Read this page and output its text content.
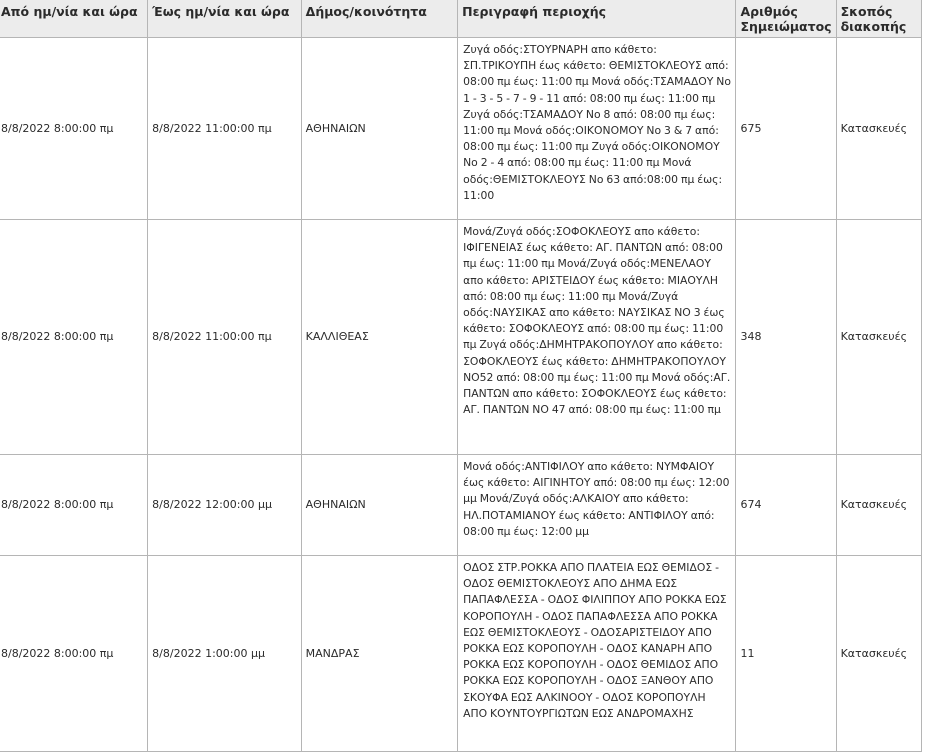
Από ημ/νία και ώρα	Έως ημ/νία και ώρα	Δήμος/κοινότητα	Περιγραφή περιοχής	Αριθμός Σημειώματος	Σκοπός διακοπής
8/8/2022 8:00:00 πμ	8/8/2022 11:00:00 πμ	ΑΘΗΝΑΙΩΝ	Ζυγά οδός:ΣΤΟΥΡΝΑΡΗ απο κάθετο: ΣΠ.ΤΡΙΚΟΥΠΗ έως κάθετο: ΘΕΜΙΣΤΟΚΛΕΟΥΣ από: 08:00 πμ έως: 11:00 πμ Μονά οδός:ΤΣΑΜΑΔΟΥ Νο 1 - 3 - 5 - 7 - 9 - 11 από: 08:00 πμ έως: 11:00 πμ Ζυγά οδός:ΤΣΑΜΑΔΟΥ Νο 8 από: 08:00 πμ έως: 11:00 πμ Μονά οδός:ΟΙΚΟΝΟΜΟΥ Νο 3 & 7 από: 08:00 πμ έως: 11:00 πμ Ζυγά οδός:ΟΙΚΟΝΟΜΟΥ Νο 2 - 4 από: 08:00 πμ έως: 11:00 πμ Μονά οδός:ΘΕΜΙΣΤΟΚΛΕΟΥΣ Νο 63 από:08:00 πμ έως: 11:00	675	Κατασκευές
8/8/2022 8:00:00 πμ	8/8/2022 11:00:00 πμ	ΚΑΛΛΙΘΕΑΣ	Μονά/Ζυγά οδός:ΣΟΦΟΚΛΕΟΥΣ απο κάθετο: ΙΦΙΓΕΝΕΙΑΣ έως κάθετο: ΑΓ. ΠΑΝΤΩΝ από: 08:00 πμ έως: 11:00 πμ Μονά/Ζυγά οδός:ΜΕΝΕΛΑΟΥ απο κάθετο: ΑΡΙΣΤΕΙΔΟΥ έως κάθετο: ΜΙΑΟΥΛΗ από: 08:00 πμ έως: 11:00 πμ Μονά/Ζυγά οδός:ΝΑΥΣΙΚΑΣ απο κάθετο: ΝΑΥΣΙΚΑΣ ΝΟ 3 έως κάθετο: ΣΟΦΟΚΛΕΟΥΣ από: 08:00 πμ έως: 11:00 πμ Ζυγά οδός:ΔΗΜΗΤΡΑΚΟΠΟΥΛΟΥ απο κάθετο: ΣΟΦΟΚΛΕΟΥΣ έως κάθετο: ΔΗΜΗΤΡΑΚΟΠΟΥΛΟΥ ΝΟ52 από: 08:00 πμ έως: 11:00 πμ Μονά οδός:ΑΓ. ΠΑΝΤΩΝ απο κάθετο: ΣΟΦΟΚΛΕΟΥΣ έως κάθετο: ΑΓ. ΠΑΝΤΩΝ ΝΟ 47 από: 08:00 πμ έως: 11:00 πμ	348	Κατασκευές
8/8/2022 8:00:00 πμ	8/8/2022 12:00:00 μμ	ΑΘΗΝΑΙΩΝ	Μονά οδός:ΑΝΤΙΦΙΛΟΥ απο κάθετο: ΝΥΜΦΑΙΟΥ έως κάθετο: ΑΙΓΙΝΗΤΟΥ από: 08:00 πμ έως: 12:00 μμ Μονά/Ζυγά οδός:ΑΛΚΑΙΟΥ απο κάθετο: ΗΛ.ΠΟΤΑΜΙΑΝΟΥ έως κάθετο: ΑΝΤΙΦΙΛΟΥ από: 08:00 πμ έως: 12:00 μμ	674	Κατασκευές
8/8/2022 8:00:00 πμ	8/8/2022 1:00:00 μμ	ΜΑΝΔΡΑΣ	ΟΔΟΣ ΣΤΡ.ΡΟΚΚΑ ΑΠΟ ΠΛΑΤΕΙΑ ΕΩΣ ΘΕΜΙΔΟΣ - ΟΔΟΣ ΘΕΜΙΣΤΟΚΛΕΟΥΣ ΑΠΟ ΔΗΜΑ ΕΩΣ ΠΑΠΑΦΛΕΣΣΑ - ΟΔΟΣ ΦΙΛΙΠΠΟΥ ΑΠΟ ΡΟΚΚΑ ΕΩΣ ΚΟΡΟΠΟΥΛΗ - ΟΔΟΣ ΠΑΠΑΦΛΕΣΣΑ ΑΠΟ ΡΟΚΚΑ ΕΩΣ ΘΕΜΙΣΤΟΚΛΕΟΥΣ - ΟΔΟΣΑΡΙΣΤΕΙΔΟΥ ΑΠΟ ΡΟΚΚΑ ΕΩΣ ΚΟΡΟΠΟΥΛΗ - ΟΔΟΣ ΚΑΝΑΡΗ ΑΠΟ ΡΟΚΚΑ ΕΩΣ ΚΟΡΟΠΟΥΛΗ - ΟΔΟΣ ΘΕΜΙΔΟΣ ΑΠΟ ΡΟΚΚΑ ΕΩΣ ΚΟΡΟΠΟΥΛΗ - ΟΔΟΣ ΞΑΝΘΟΥ ΑΠΟ ΣΚΟΥΦΑ ΕΩΣ ΑΛΚΙΝΟΟΥ - ΟΔΟΣ ΚΟΡΟΠΟΥΛΗ ΑΠΟ ΚΟΥΝΤΟΥΡΓΙΩΤΩΝ ΕΩΣ ΑΝΔΡΟΜΑΧΗΣ	11	Κατασκευές
